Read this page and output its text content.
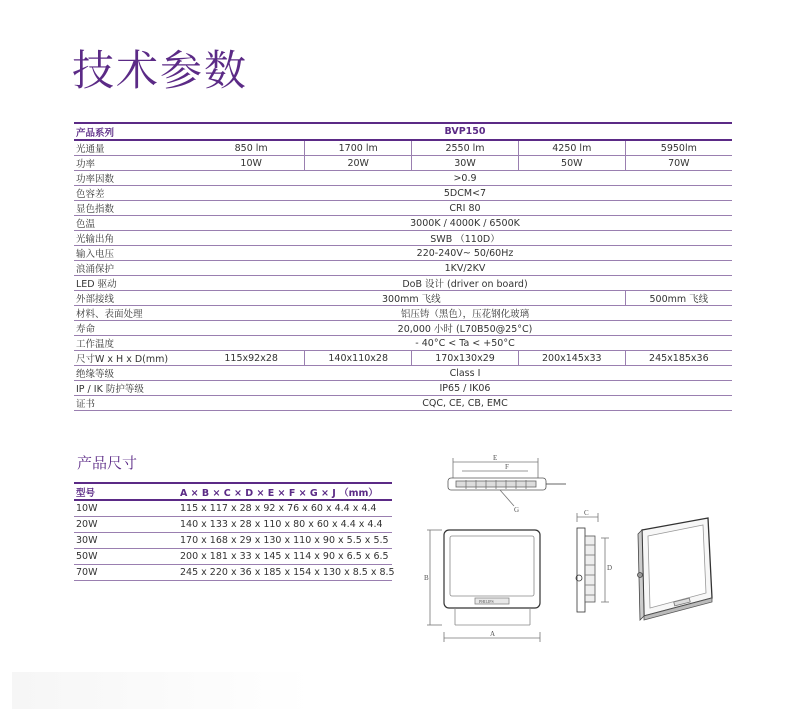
技术参数
产品系列	BVP150				
光通量	850 lm	1700 lm	2550 lm	4250 lm	5950lm
功率	10W	20W	30W	50W	70W
功率因数	>0.9				
色容差	5DCM<7				
显色指数	CRI 80				
色温	3000K / 4000K / 6500K				
光输出角	SWB （110D）				
输入电压	220-240V~ 50/60Hz				
浪涌保护	1KV/2KV				
LED 驱动	DoB 设计 (driver on board)				
外部接线	300mm 飞线				500mm 飞线
材料、表面处理	铝压铸（黑色），压花钢化玻璃				
寿命	20,000 小时 (L70B50@25°C)				
工作温度	- 40°C < Ta < +50°C				
尺寸W x H x D(mm)	115x92x28	140x110x28	170x130x29	200x145x33	245x185x36
绝缘等级	Class I				
IP / IK 防护等级	IP65 / IK06				
证书	CQC, CE, CB, EMC				
产品尺寸
型号	A × B × C × D × E × F × G × J （mm）
10W	115 x 117 x 28 x 92 x 76 x 60 x 4.4 x 4.4
20W	140 x 133 x 28 x 110 x 80 x 60 x 4.4 x 4.4
30W	170 x 168 x 29 x 130 x 110 x 90 x 5.5 x 5.5
50W	200 x 181 x 33 x 145 x 114 x 90 x 6.5 x 6.5
70W	245 x 220 x 36 x 185 x 154 x 130 x 8.5 x 8.5
E
F
G
PHILIPS
B
A
C
D
